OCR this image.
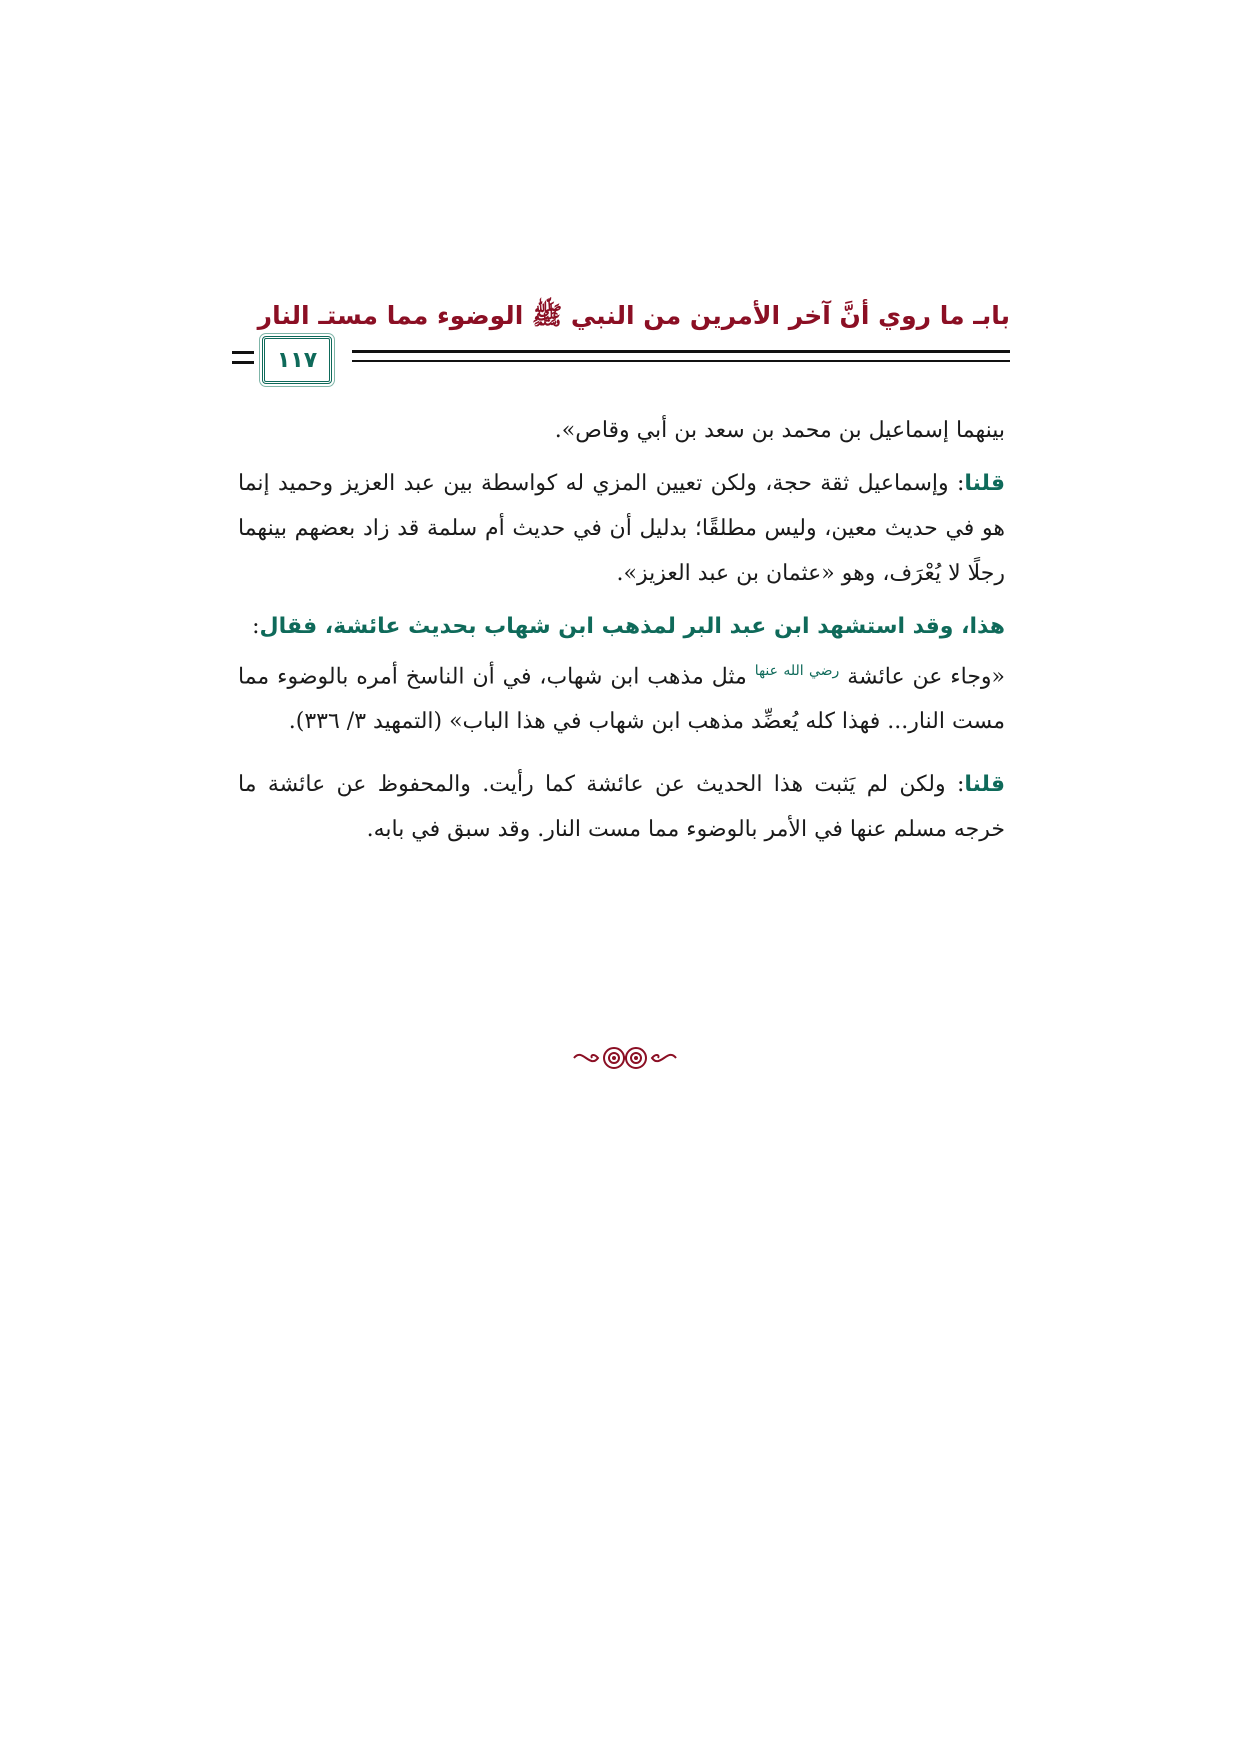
١١٧
بابـ ما روي أنَّ آخر الأمرين من النبي ﷺ الوضوء مما مستـ النار

بينهما إسماعيل بن محمد بن سعد بن أبي وقاص».

قلنا: وإسماعيل ثقة حجة، ولكن تعيين المزي له كواسطة بين عبد العزيز وحميد إنما هو في حديث معين، وليس مطلقًا؛ بدليل أن في حديث أم سلمة قد زاد بعضهم بينهما رجلًا لا يُعْرَف، وهو «عثمان بن عبد العزيز».

هذا، وقد استشهد ابن عبد البر لمذهب ابن شهاب بحديث عائشة، فقال:

«وجاء عن عائشة $^{رضي الله عنها}$ مثل مذهب ابن شهاب، في أن الناسخ أمره بالوضوء مما مست النار... فهذا كله يُعضِّد مذهب ابن شهاب في هذا الباب» (التمهيد ٣/ ٣٣٦).

قلنا: ولكن لم يَثبت هذا الحديث عن عائشة كما رأيت. والمحفوظ عن عائشة ما خرجه مسلم عنها في الأمر بالوضوء مما مست النار. وقد سبق في بابه.
